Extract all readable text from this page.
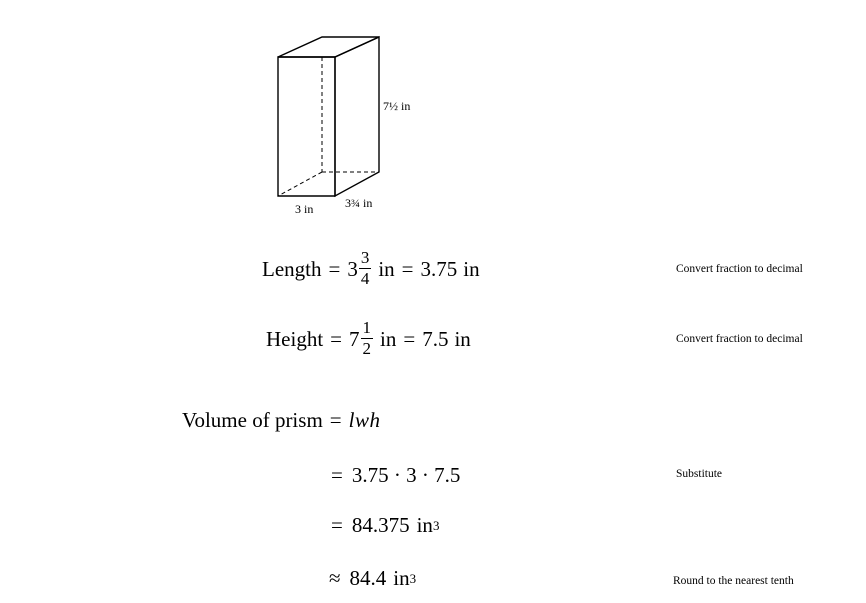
7½ in
3 in	3¾ in
Length = $3 \frac{3}{4}$ in = 3.75 in	Convert fraction to decimal
Height = $7 \frac{1}{2}$ in = 7.5 in	Convert fraction to decimal
Volume of prism = lwh
= 3.75 · 3 · 7.5	Substitute
= 84.375 in 3
≈ 84.4 in 3	Round to the nearest tenth
